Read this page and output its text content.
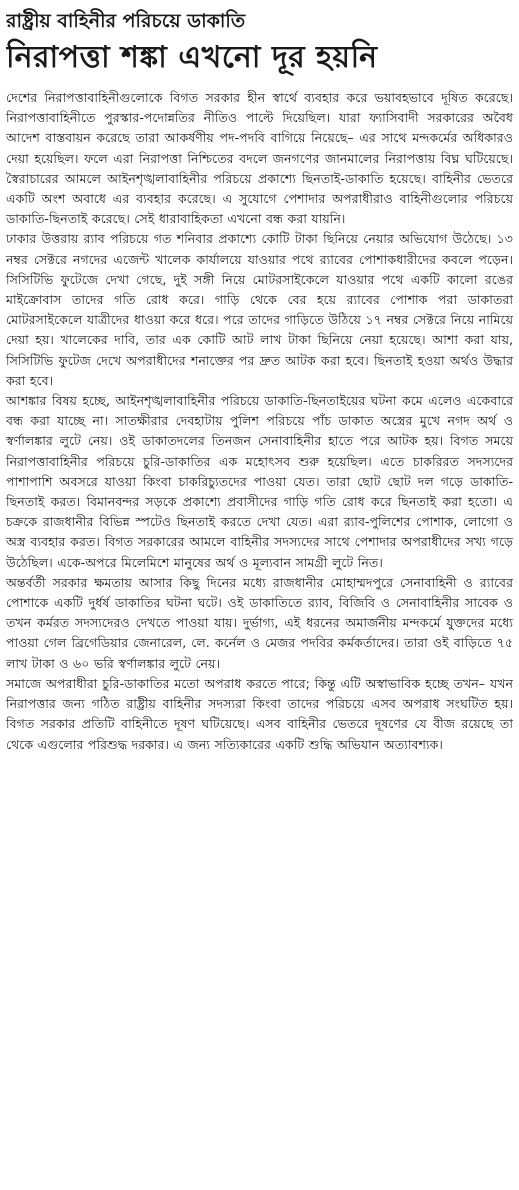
রাষ্ট্রীয় বাহিনীর পরিচয়ে ডাকাতি
নিরাপত্তা শঙ্কা এখনো দূর হয়নি

দেশের নিরাপত্তাবাহিনীগুলোকে বিগত সরকার হীন স্বার্থে ব্যবহার করে ভয়াবহভাবে দূষিত করেছে। নিরাপত্তাবাহিনীতে পুরস্কার-পদোন্নতির নীতিও পাল্টে দিয়েছিল। যারা ফ্যাসিবাদী সরকারের অবৈধ আদেশ বাস্তবায়ন করেছে তারা আকর্ষণীয় পদ-পদবি বাগিয়ে নিয়েছে– এর সাথে মন্দকর্মের অধিকারও দেয়া হয়েছিল। ফলে এরা নিরাপত্তা নিশ্চিতের বদলে জনগণের জানমালের নিরাপত্তায় বিঘ্ন ঘটিয়েছে। স্বৈরাচারের আমলে আইনশৃঙ্খলাবাহিনীর পরিচয়ে প্রকাশ্যে ছিনতাই-ডাকাতি হয়েছে। বাহিনীর ভেতরে একটি অংশ অবাধে এর ব্যবহার করেছে। এ সুযোগে পেশাদার অপরাধীরাও বাহিনীগুলোর পরিচয়ে ডাকাতি-ছিনতাই করেছে। সেই ধারাবাহিকতা এখনো বন্ধ করা যায়নি।

ঢাকার উত্তরায় র‌্যাব পরিচয়ে গত শনিবার প্রকাশ্যে কোটি টাকা ছিনিয়ে নেয়ার অভিযোগ উঠেছে। ১৩ নম্বর সেক্টরে নগদের এজেন্ট খালেক কার্যালয়ে যাওয়ার পথে র‌্যাবের পোশাকধারীদের কবলে পড়েন। সিসিটিভি ফুটেজে দেখা গেছে, দুই সঙ্গী নিয়ে মোটরসাইকেলে যাওয়ার পথে একটি কালো রঙের মাইক্রোবাস তাদের গতি রোধ করে। গাড়ি থেকে বের হয়ে র‌্যাবের পোশাক পরা ডাকাতরা মোটরসাইকেলে যাত্রীদের ধাওয়া করে ধরে। পরে তাদের গাড়িতে উঠিয়ে ১৭ নম্বর সেক্টরে নিয়ে নামিয়ে দেয়া হয়। খালেকের দাবি, তার এক কোটি আট লাখ টাকা ছিনিয়ে নেয়া হয়েছে। আশা করা যায়, সিসিটিভি ফুটেজ দেখে অপরাধীদের শনাক্তের পর দ্রুত আটক করা হবে। ছিনতাই হওয়া অর্থও উদ্ধার করা হবে।

আশঙ্কার বিষয় হচ্ছে, আইনশৃঙ্খলাবাহিনীর পরিচয়ে ডাকাতি-ছিনতাইয়ের ঘটনা কমে এলেও একেবারে বন্ধ করা যাচ্ছে না। সাতক্ষীরার দেবহাটায় পুলিশ পরিচয়ে পাঁচ ডাকাত অস্ত্রের মুখে নগদ অর্থ ও স্বর্ণালঙ্কার লুটে নেয়। ওই ডাকাতদলের তিনজন সেনাবাহিনীর হাতে পরে আটক হয়। বিগত সময়ে নিরাপত্তাবাহিনীর পরিচয়ে চুরি-ডাকাতির এক মহোৎসব শুরু হয়েছিল। এতে চাকরিরত সদস্যদের পাশাপাশি অবসরে যাওয়া কিংবা চাকরিচ্যুতদের পাওয়া যেত। তারা ছোট ছোট দল গড়ে ডাকাতি-ছিনতাই করত। বিমানবন্দর সড়কে প্রকাশ্যে প্রবাসীদের গাড়ি গতি রোধ করে ছিনতাই করা হতো। এ চক্রকে রাজধানীর বিভিন্ন স্পটেও ছিনতাই করতে দেখা যেত। এরা র‌্যাব-পুলিশের পোশাক, লোগো ও অস্ত্র ব্যবহার করত। বিগত সরকারের আমলে বাহিনীর সদস্যদের সাথে পেশাদার অপরাধীদের সখ্য গড়ে উঠেছিল। একে-অপরে মিলেমিশে মানুষের অর্থ ও মূল্যবান সামগ্রী লুটে নিত।

অন্তর্বর্তী সরকার ক্ষমতায় আসার কিছু দিনের মধ্যে রাজধানীর মোহাম্মদপুরে সেনাবাহিনী ও র‌্যাবের পোশাকে একটি দুর্ধর্ষ ডাকাতির ঘটনা ঘটে। ওই ডাকাতিতে র‌্যাব, বিজিবি ও সেনাবাহিনীর সাবেক ও তখন কর্মরত সদস্যদেরও দেখতে পাওয়া যায়। দুর্ভাগ্য, এই ধরনের অমার্জনীয় মন্দকর্মে যুক্তদের মধ্যে পাওয়া গেল ব্রিগেডিয়ার জেনারেল, লে. কর্নেল ও মেজর পদবির কর্মকর্তাদের। তারা ওই বাড়িতে ৭৫ লাখ টাকা ও ৬০ ভরি স্বর্ণালঙ্কার লুটে নেয়।

সমাজে অপরাধীরা চুরি-ডাকাতির মতো অপরাধ করতে পারে; কিন্তু এটি অস্বাভাবিক হচ্ছে তখন– যখন নিরাপত্তার জন্য গঠিত রাষ্ট্রীয় বাহিনীর সদস্যরা কিংবা তাদের পরিচয়ে এসব অপরাধ সংঘটিত হয়। বিগত সরকার প্রতিটি বাহিনীতে দূষণ ঘটিয়েছে। এসব বাহিনীর ভেতরে দূষণের যে বীজ রয়েছে তা থেকে এগুলোর পরিশুদ্ধ দরকার। এ জন্য সত্যিকারের একটি শুদ্ধি অভিযান অত্যাবশ্যক।
